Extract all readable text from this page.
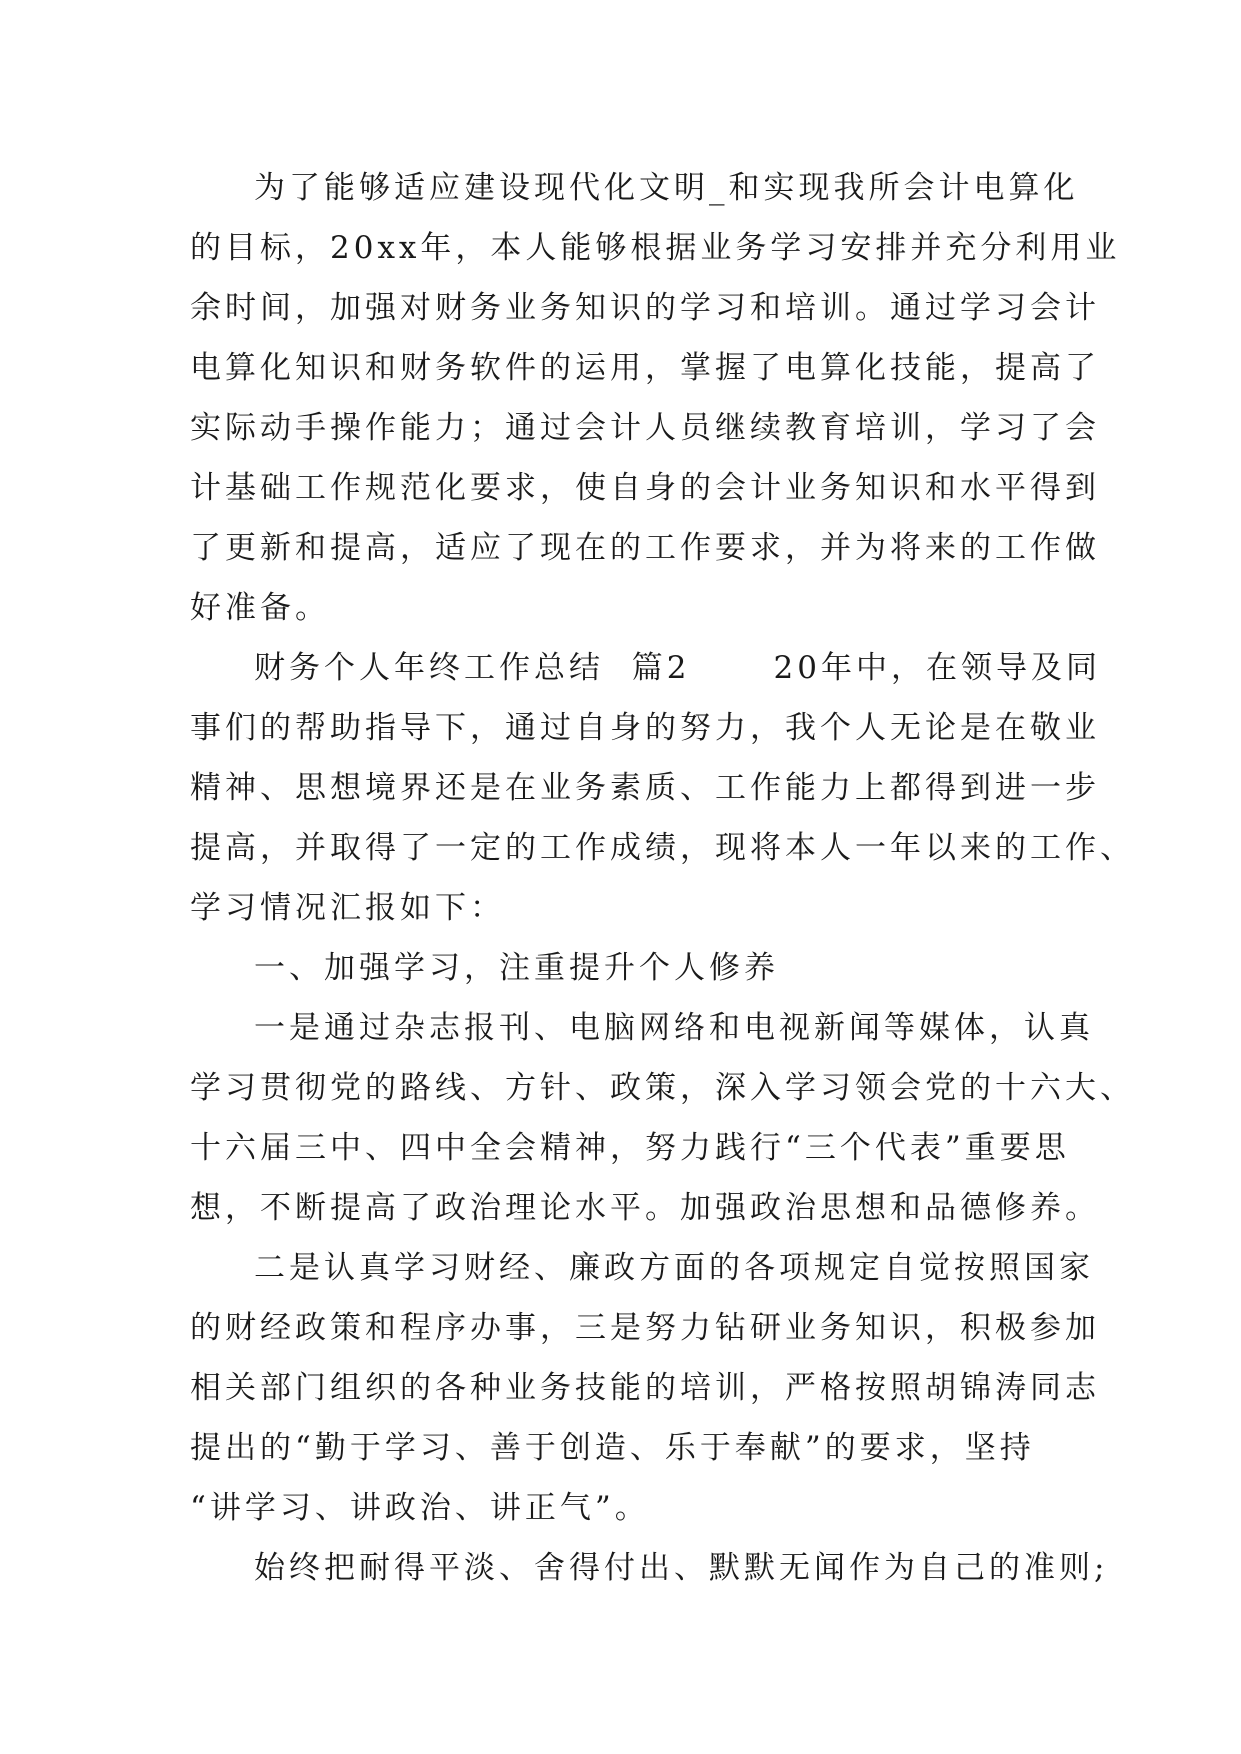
为了能够适应建设现代化文明_和实现我所会计电算化
的目标，20xx年，本人能够根据业务学习安排并充分利用业
余时间，加强对财务业务知识的学习和培训。通过学习会计
电算化知识和财务软件的运用，掌握了电算化技能，提高了
实际动手操作能力；通过会计人员继续教育培训，学习了会
计基础工作规范化要求，使自身的会计业务知识和水平得到
了更新和提高，适应了现在的工作要求，并为将来的工作做
好准备。
财务个人年终工作总结  篇2      20年中，在领导及同
事们的帮助指导下，通过自身的努力，我个人无论是在敬业
精神、思想境界还是在业务素质、工作能力上都得到进一步
提高，并取得了一定的工作成绩，现将本人一年以来的工作、
学习情况汇报如下：
一、加强学习，注重提升个人修养
一是通过杂志报刊、电脑网络和电视新闻等媒体，认真
学习贯彻党的路线、方针、政策，深入学习领会党的十六大、
十六届三中、四中全会精神，努力践行“三个代表”重要思
想，不断提高了政治理论水平。加强政治思想和品德修养。
二是认真学习财经、廉政方面的各项规定自觉按照国家
的财经政策和程序办事，三是努力钻研业务知识，积极参加
相关部门组织的各种业务技能的培训，严格按照胡锦涛同志
提出的“勤于学习、善于创造、乐于奉献”的要求，坚持
“讲学习、讲政治、讲正气”。
始终把耐得平淡、舍得付出、默默无闻作为自己的准则;
